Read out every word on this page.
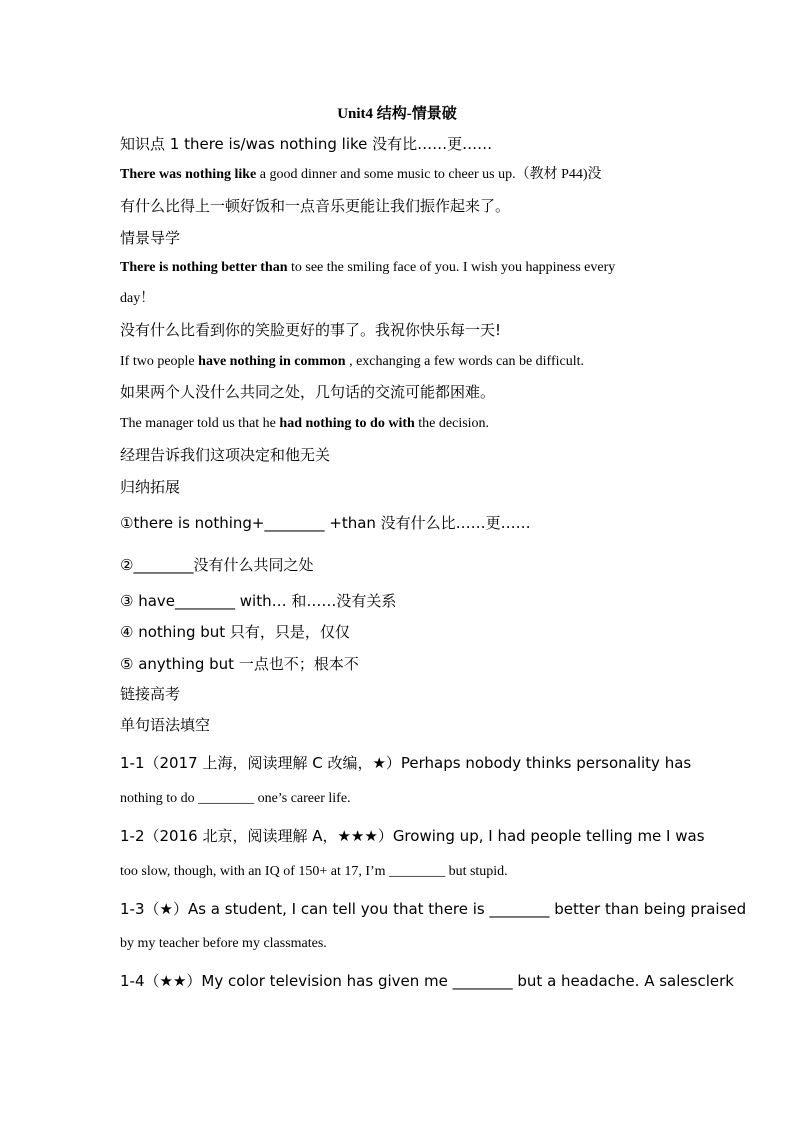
Unit4 结构-情景破
知识点 1 there is/was nothing like 没有比……更……
There was nothing like a good dinner and some music to cheer us up.（教材 P44)没
有什么比得上一顿好饭和一点音乐更能让我们振作起来了。
情景导学
There is nothing better than to see the smiling face of you. I wish you happiness every
day！
没有什么比看到你的笑脸更好的事了。我祝你快乐每一天!
If two people have nothing in common , exchanging a few words can be difficult.
如果两个人没什么共同之处，几句话的交流可能都困难。
The manager told us that he had nothing to do with the decision.
经理告诉我们这项决定和他无关
归纳拓展
①there is nothing+________ +than 没有什么比……更……
②________没有什么共同之处
③ have________ with… 和……没有关系
④ nothing but 只有，只是，仅仅
⑤ anything but 一点也不；根本不
链接高考
单句语法填空
1-1（2017 上海，阅读理解 C 改编，★）Perhaps nobody thinks personality has
nothing to do ________ one’s career life.
1-2（2016 北京，阅读理解 A，★★★）Growing up, I had people telling me I was
too slow, though, with an IQ of 150+ at 17, I’m ________ but stupid.
1-3（★）As a student, I can tell you that there is ________ better than being praised
by my teacher before my classmates.
1-4（★★）My color television has given me ________ but a headache. A salesclerk
